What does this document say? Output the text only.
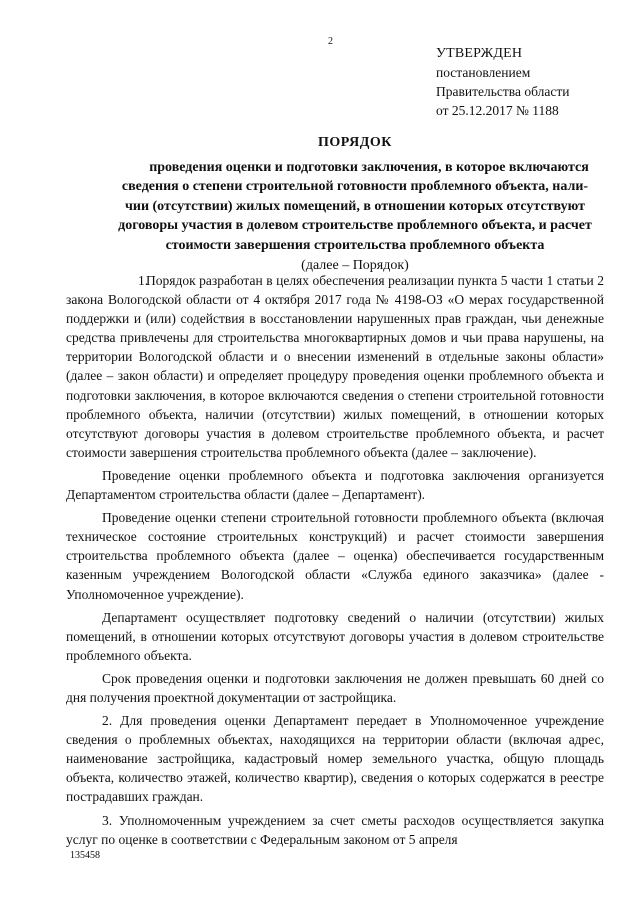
2
УТВЕРЖДЕН
постановлением
Правительства области
от 25.12.2017 № 1188
ПОРЯДОК
проведения оценки и подготовки заключения, в которое включаются
сведения о степени строительной готовности проблемного объекта, нали-
чии (отсутствии) жилых помещений, в отношении которых отсутствуют
договоры участия в долевом строительстве проблемного объекта, и расчет
стоимости завершения строительства проблемного объекта
(далее – Порядок)

1.Порядок разработан в целях обеспечения реализации пункта 5 части 1 статьи 2 закона Вологодской области от 4 октября 2017 года № 4198-ОЗ «О мерах государственной поддержки и (или) содействия в восстановлении нарушенных прав граждан, чьи денежные средства привлечены для строительства многоквартирных домов и чьи права нарушены, на территории Вологодской области и о внесении изменений в отдельные законы области» (далее – закон области) и определяет процедуру проведения оценки проблемного объекта и подготовки заключения, в которое включаются сведения о степени строительной готовности проблемного объекта, наличии (отсутствии) жилых помещений, в отношении которых отсутствуют договоры участия в долевом строительстве проблемного объекта, и расчет стоимости завершения строительства проблемного объекта (далее – заключение).

Проведение оценки проблемного объекта и подготовка заключения организуется Департаментом строительства области (далее – Департамент).

Проведение оценки степени строительной готовности проблемного объекта (включая техническое состояние строительных конструкций) и расчет стоимости завершения строительства проблемного объекта (далее – оценка) обеспечивается государственным казенным учреждением Вологодской области «Служба единого заказчика» (далее - Уполномоченное учреждение).

Департамент осуществляет подготовку сведений о наличии (отсутствии) жилых помещений, в отношении которых отсутствуют договоры участия в долевом строительстве проблемного объекта.

Срок проведения оценки и подготовки заключения не должен превышать 60 дней со дня получения проектной документации от застройщика.

2. Для проведения оценки Департамент передает в Уполномоченное учреждение сведения о проблемных объектах, находящихся на территории области (включая адрес, наименование застройщика, кадастровый номер земельного участка, общую площадь объекта, количество этажей, количество квартир), сведения о которых содержатся в реестре пострадавших граждан.

3. Уполномоченным учреждением за счет сметы расходов осуществляется закупка услуг по оценке в соответствии с Федеральным законом от 5 апреля

135458
